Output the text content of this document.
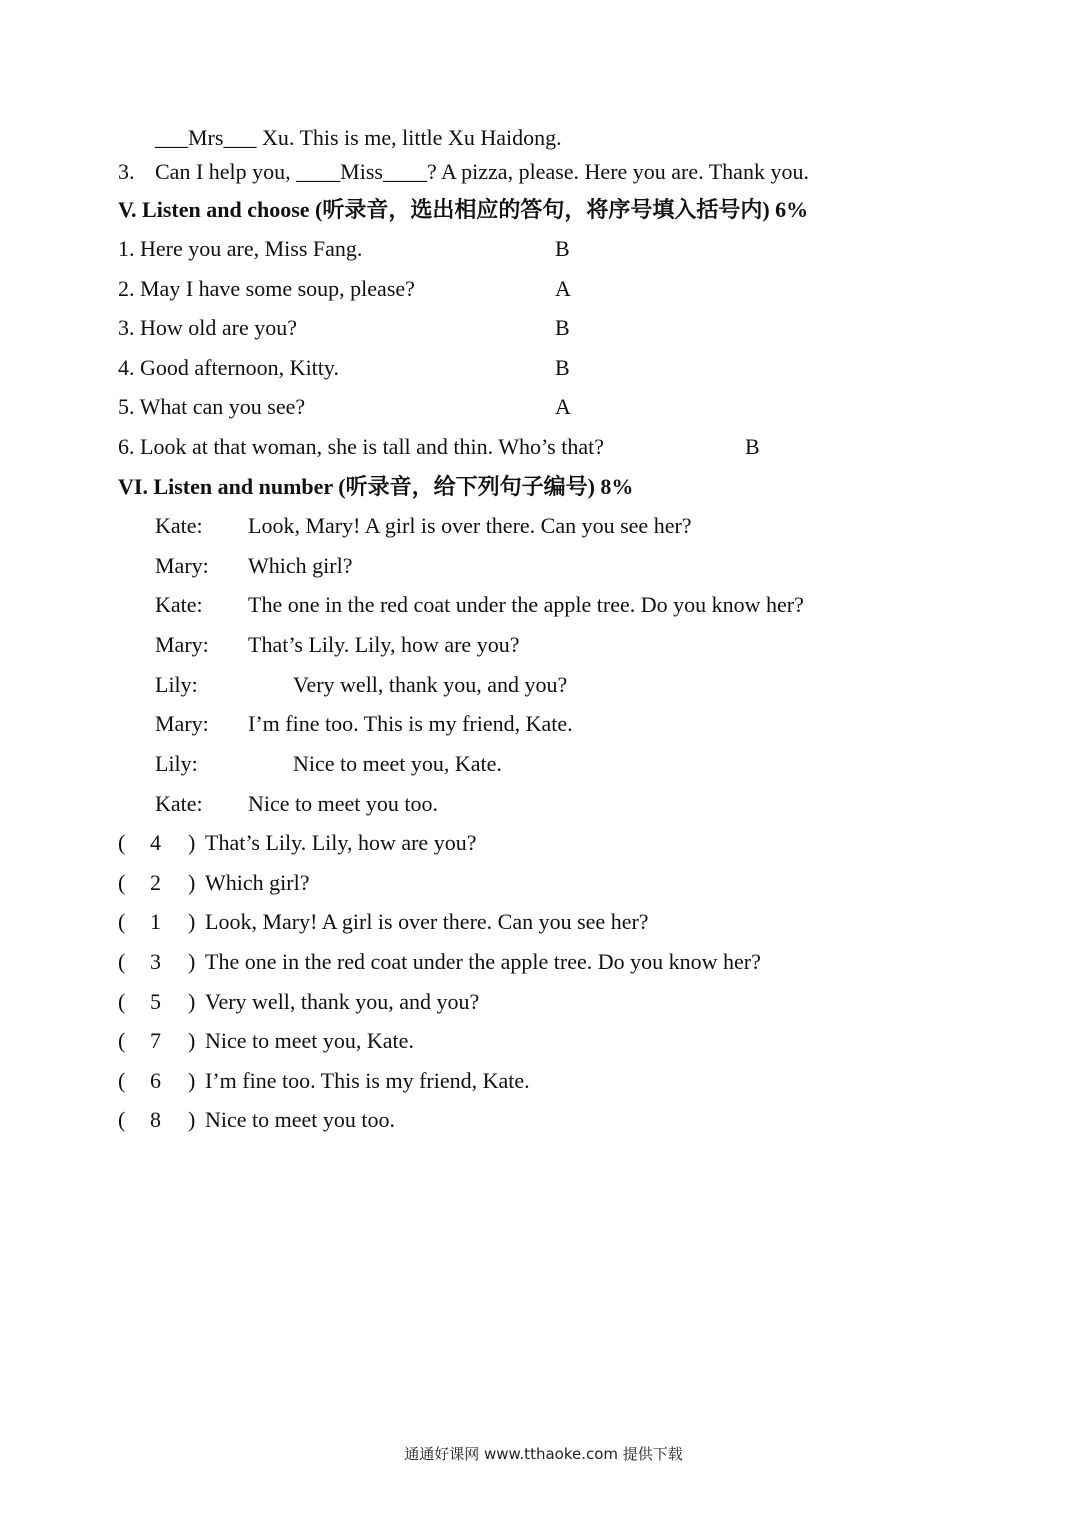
___Mrs___ Xu. This is me, little Xu Haidong.
3. Can I help you, ____Miss____? A pizza, please. Here you are. Thank you.
V. Listen and choose (听录音，选出相应的答句，将序号填入括号内) 6%
1. Here you are, Miss Fang.	B
2. May I have some soup, please?	A
3. How old are you?	B
4. Good afternoon, Kitty.	B
5. What can you see?	A
6. Look at that woman, she is tall and thin. Who’s that?	B
VI. Listen and number (听录音，给下列句子编号) 8%
Kate: Look, Mary! A girl is over there. Can you see her?
Mary: Which girl?
Kate: The one in the red coat under the apple tree. Do you know her?
Mary: That’s Lily. Lily, how are you?
Lily:	Very well, thank you, and you?
Mary: I’m fine too. This is my friend, Kate.
Lily:	Nice to meet you, Kate.
Kate: Nice to meet you too.
( 4 ) That’s Lily. Lily, how are you?
( 2 ) Which girl?
( 1 ) Look, Mary! A girl is over there. Can you see her?
( 3 ) The one in the red coat under the apple tree. Do you know her?
( 5 ) Very well, thank you, and you?
( 7 ) Nice to meet you, Kate.
( 6 ) I’m fine too. This is my friend, Kate.
( 8 ) Nice to meet you too.
通通好课网 www.tthaoke.com 提供下载
